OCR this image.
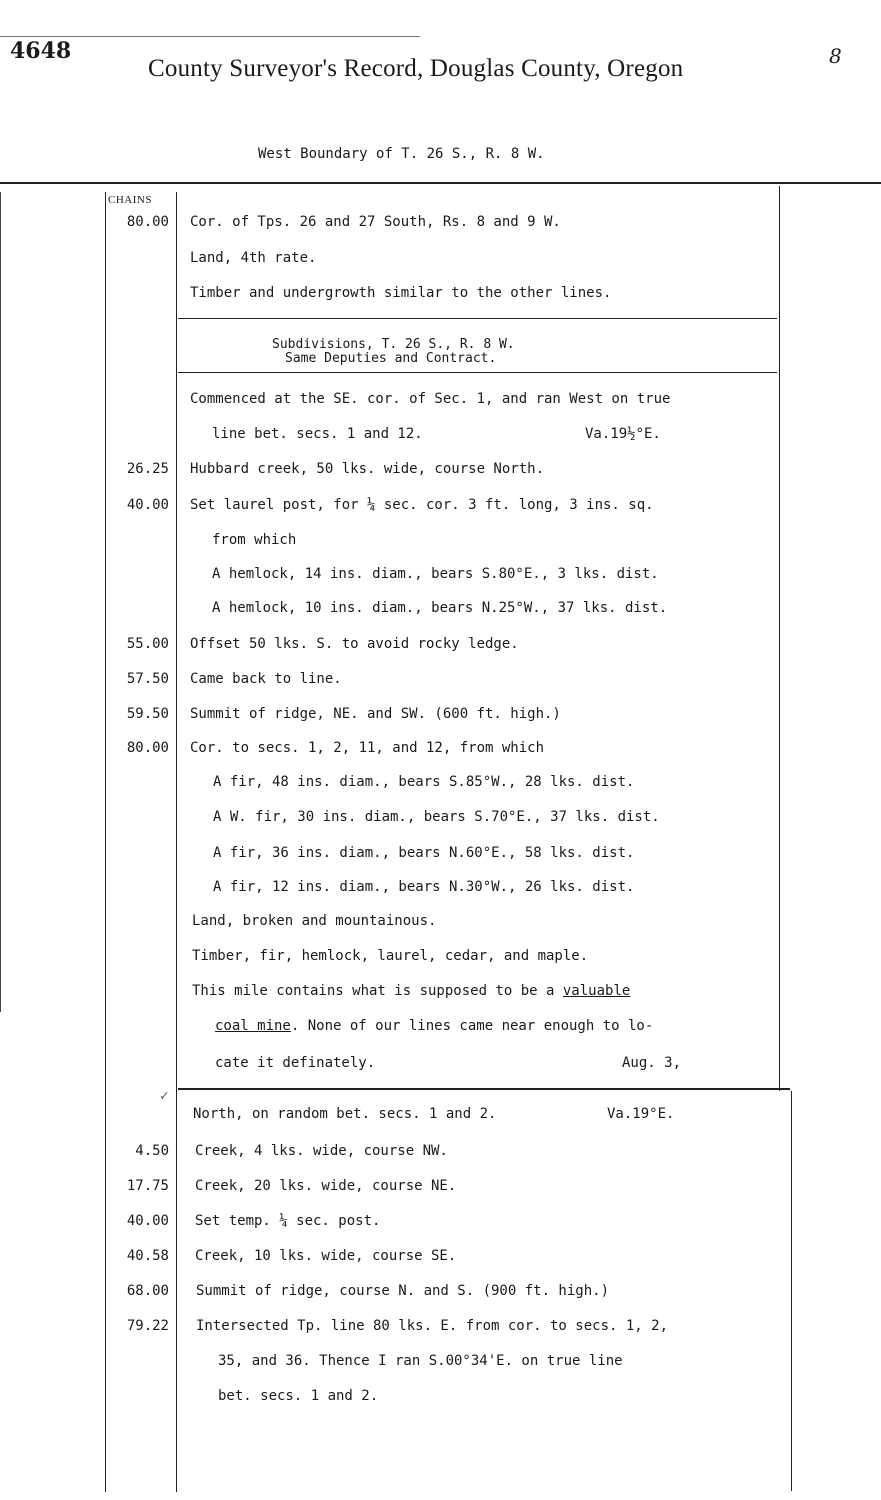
4648
County Surveyor's Record, Douglas County, Oregon	8
West Boundary of T. 26 S., R. 8 W.
CHAINS
80.00 Cor. of Tps. 26 and 27 South, Rs. 8 and 9 W.
Land, 4th rate.
Timber and undergrowth similar to the other lines.
Subdivisions, T. 26 S., R. 8 W.
Same Deputies and Contract.
Commenced at the SE. cor. of Sec. 1, and ran West on true
line bet. secs. 1 and 12.	Va.19½°E.
26.25 Hubbard creek, 50 lks. wide, course North.
40.00 Set laurel post, for ¼ sec. cor. 3 ft. long, 3 ins. sq.
from which
A hemlock, 14 ins. diam., bears S.80°E., 3 lks. dist.
A hemlock, 10 ins. diam., bears N.25°W., 37 lks. dist.
55.00 Offset 50 lks. S. to avoid rocky ledge.
57.50 Came back to line.
59.50 Summit of ridge, NE. and SW. (600 ft. high.)
80.00 Cor. to secs. 1, 2, 11, and 12, from which
A fir, 48 ins. diam., bears S.85°W., 28 lks. dist.
A W. fir, 30 ins. diam., bears S.70°E., 37 lks. dist.
A fir, 36 ins. diam., bears N.60°E., 58 lks. dist.
A fir, 12 ins. diam., bears N.30°W., 26 lks. dist.
Land, broken and mountainous.
Timber, fir, hemlock, laurel, cedar, and maple.
This mile contains what is supposed to be a valuable
coal mine. None of our lines came near enough to lo-
cate it definately.	Aug. 3,
✓
North, on random bet. secs. 1 and 2.	Va.19°E.
4.50 Creek, 4 lks. wide, course NW.
17.75 Creek, 20 lks. wide, course NE.
40.00 Set temp. ¼ sec. post.
40.58 Creek, 10 lks. wide, course SE.
68.00 Summit of ridge, course N. and S. (900 ft. high.)
79.22 Intersected Tp. line 80 lks. E. from cor. to secs. 1, 2,
35, and 36. Thence I ran S.00°34'E. on true line
bet. secs. 1 and 2.
